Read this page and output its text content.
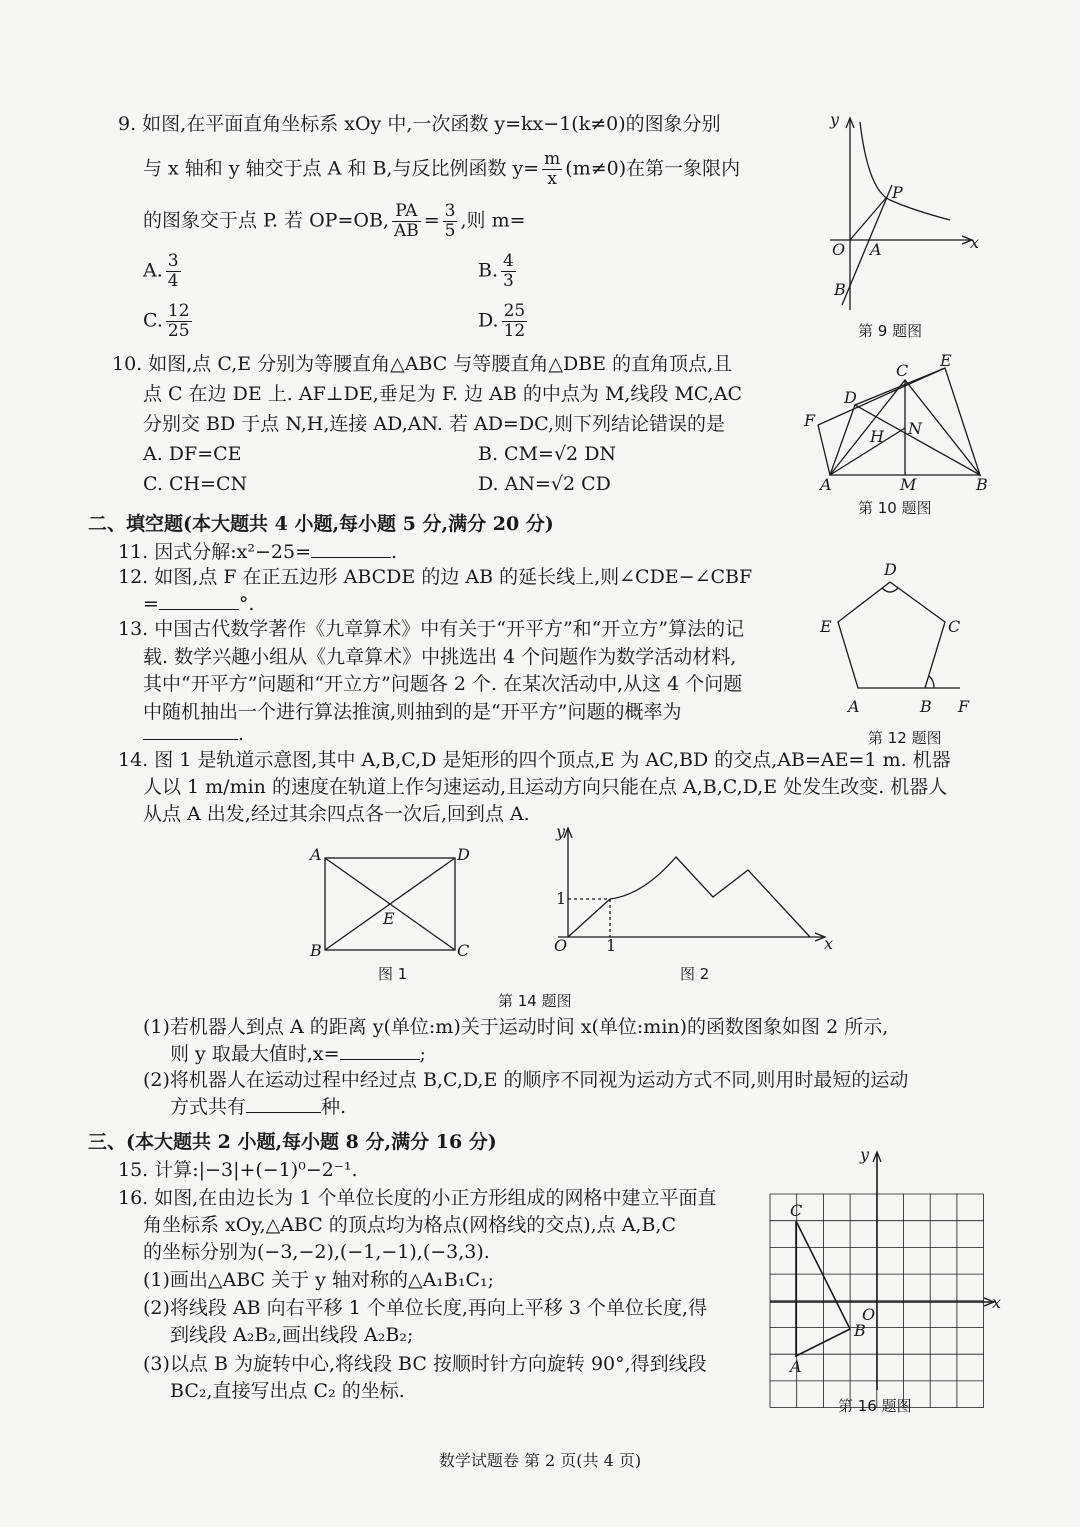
9. 如图,在平面直角坐标系 xOy 中,一次函数 y=kx−1(k≠0)的图象分别
与 x 轴和 y 轴交于点 A 和 B,与反比例函数 $y= \frac{m}{x} (m\ne 0)$在第一象限内
的图象交于点 P. 若 OP=OB, $\frac{PA}{AB} = \frac{3}{5}$ ,则 m=
A. $\frac{3}{4}$	B. $\frac{4}{3}$
C. $\frac{12}{25}$	D. $\frac{25}{12}$
y
x
O A
B
P
第 9 题图
10. 如图,点 C,E 分别为等腰直角△ABC 与等腰直角△DBE 的直角顶点,且
点 C 在边 DE 上. AF⊥DE,垂足为 F. 边 AB 的中点为 M,线段 MC,AC
分别交 BD 于点 N,H,连接 AD,AN. 若 AD=DC,则下列结论错误的是
A. DF=CE	B. CM=√2 DN
C. CH=CN	D. AN=√2 CD
E
C
D
F
H N
A	M	B
第 10 题图
二、填空题(本大题共 4 小题,每小题 5 分,满分 20 分)
11. 因式分解:x²−25=	.
12. 如图,点 F 在正五边形 ABCDE 的边 AB 的延长线上,则∠CDE−∠CBF
=	°.
D
E	C
A	B F
第 12 题图
13. 中国古代数学著作《九章算术》中有关于“开平方”和“开立方”算法的记
载. 数学兴趣小组从《九章算术》中挑选出 4 个问题作为数学活动材料,
其中“开平方”问题和“开立方”问题各 2 个. 在某次活动中,从这 4 个问题
中随机抽出一个进行算法推演,则抽到的是“开平方”问题的概率为
.
14. 图 1 是轨道示意图,其中 A,B,C,D 是矩形的四个顶点,E 为 AC,BD 的交点,AB=AE=1 m. 机器
人以 1 m/min 的速度在轨道上作匀速运动,且运动方向只能在点 A,B,C,D,E 处发生改变. 机器人
从点 A 出发,经过其余四点各一次后,回到点 A.
A	D
E
B	C
图 1
y
x
O
1
1
图 2
第 14 题图
(1)若机器人到点 A 的距离 y(单位:m)关于运动时间 x(单位:min)的函数图象如图 2 所示,
则 y 取最大值时,x=	;
(2)将机器人在运动过程中经过点 B,C,D,E 的顺序不同视为运动方式不同,则用时最短的运动
方式共有	种.
三、(本大题共 2 小题,每小题 8 分,满分 16 分)
15. 计算:|−3|+(−1)⁰−2⁻¹.
16. 如图,在由边长为 1 个单位长度的小正方形组成的网格中建立平面直
角坐标系 xOy,△ABC 的顶点均为格点(网格线的交点),点 A,B,C
的坐标分别为(−3,−2),(−1,−1),(−3,3).
(1)画出△ABC 关于 y 轴对称的△A₁B₁C₁;
(2)将线段 AB 向右平移 1 个单位长度,再向上平移 3 个单位长度,得
到线段 A₂B₂,画出线段 A₂B₂;
(3)以点 B 为旋转中心,将线段 BC 按顺时针方向旋转 90°,得到线段
BC₂,直接写出点 C₂ 的坐标.
y
x
O
C
B
A
第 16 题图
数学试题卷 第 2 页(共 4 页)
